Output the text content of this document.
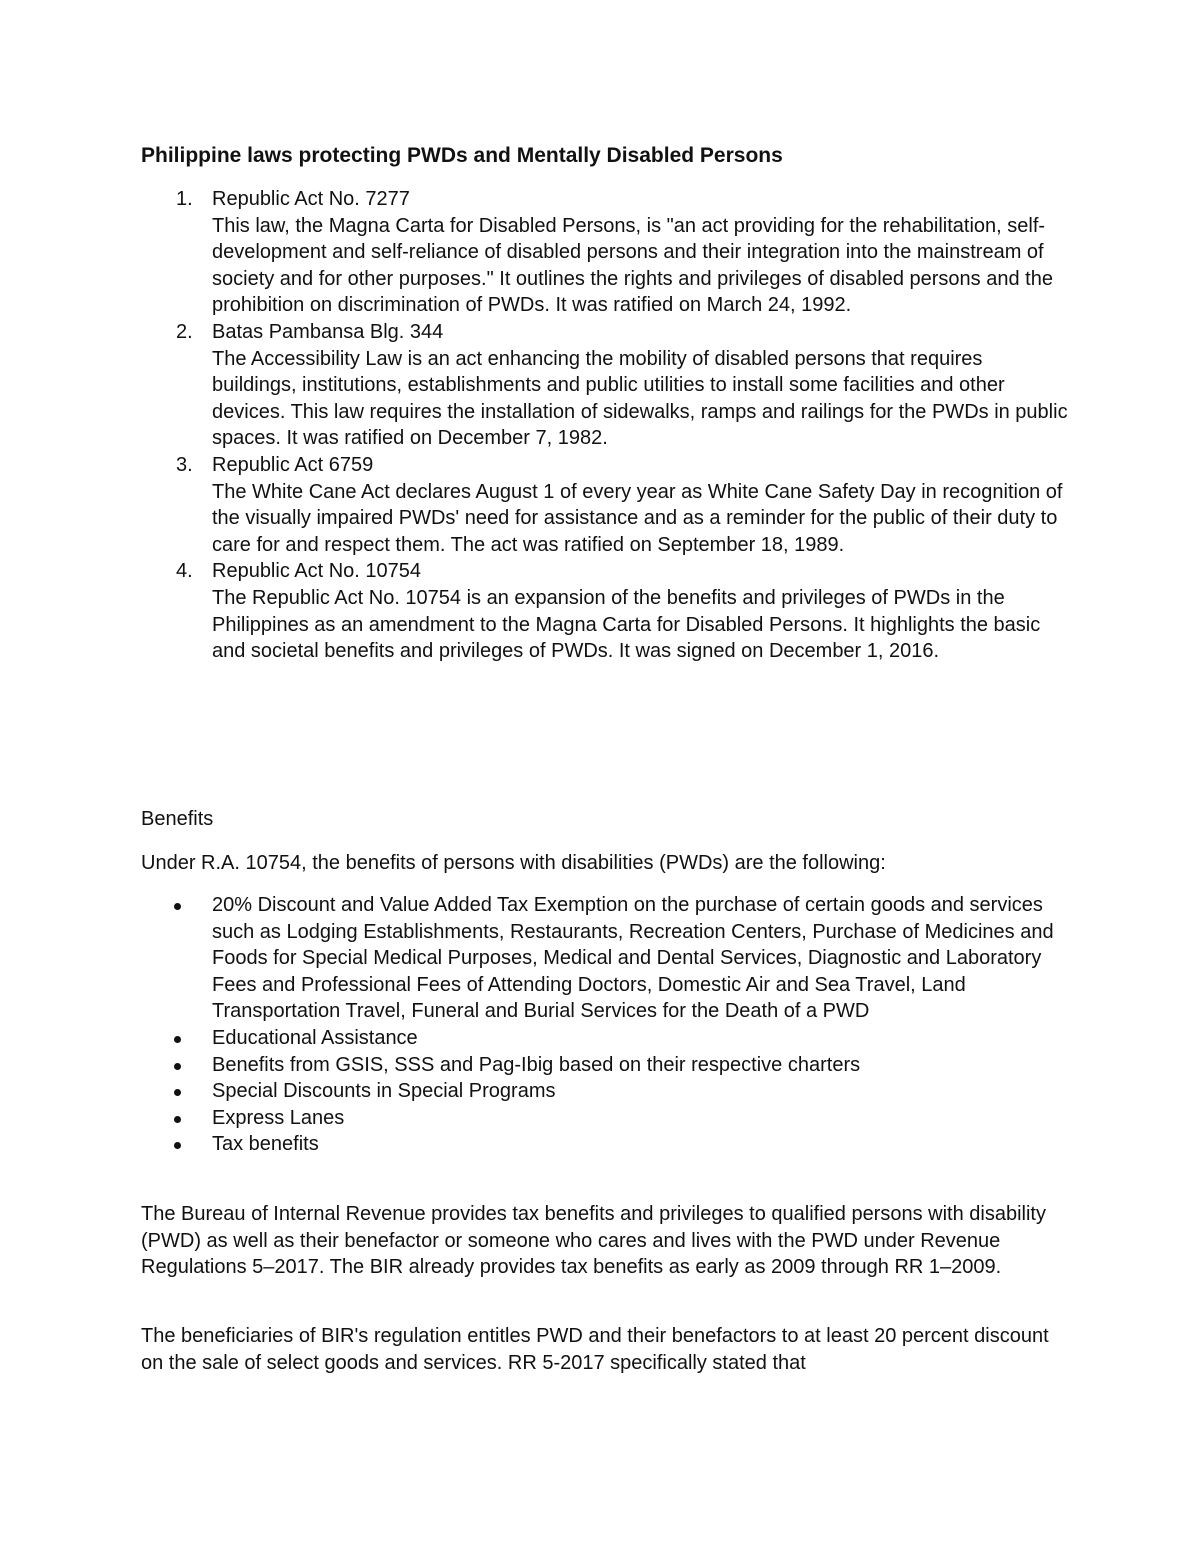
Philippine laws protecting PWDs and Mentally Disabled Persons
1. Republic Act No. 7277
This law, the Magna Carta for Disabled Persons, is "an act providing for the rehabilitation, self-development and self-reliance of disabled persons and their integration into the mainstream of society and for other purposes." It outlines the rights and privileges of disabled persons and the prohibition on discrimination of PWDs. It was ratified on March 24, 1992.
2. Batas Pambansa Blg. 344
The Accessibility Law is an act enhancing the mobility of disabled persons that requires buildings, institutions, establishments and public utilities to install some facilities and other devices. This law requires the installation of sidewalks, ramps and railings for the PWDs in public spaces. It was ratified on December 7, 1982.
3. Republic Act 6759
The White Cane Act declares August 1 of every year as White Cane Safety Day in recognition of the visually impaired PWDs' need for assistance and as a reminder for the public of their duty to care for and respect them. The act was ratified on September 18, 1989.
4. Republic Act No. 10754
The Republic Act No. 10754 is an expansion of the benefits and privileges of PWDs in the Philippines as an amendment to the Magna Carta for Disabled Persons. It highlights the basic and societal benefits and privileges of PWDs. It was signed on December 1, 2016.
Benefits
Under R.A. 10754, the benefits of persons with disabilities (PWDs) are the following:
20% Discount and Value Added Tax Exemption on the purchase of certain goods and services such as Lodging Establishments, Restaurants, Recreation Centers, Purchase of Medicines and Foods for Special Medical Purposes, Medical and Dental Services, Diagnostic and Laboratory Fees and Professional Fees of Attending Doctors, Domestic Air and Sea Travel, Land Transportation Travel, Funeral and Burial Services for the Death of a PWD
Educational Assistance
Benefits from GSIS, SSS and Pag-Ibig based on their respective charters
Special Discounts in Special Programs
Express Lanes
Tax benefits

The Bureau of Internal Revenue provides tax benefits and privileges to qualified persons with disability (PWD) as well as their benefactor or someone who cares and lives with the PWD under Revenue Regulations 5–2017. The BIR already provides tax benefits as early as 2009 through RR 1–2009.

The beneficiaries of BIR's regulation entitles PWD and their benefactors to at least 20 percent discount on the sale of select goods and services. RR 5-2017 specifically stated that
